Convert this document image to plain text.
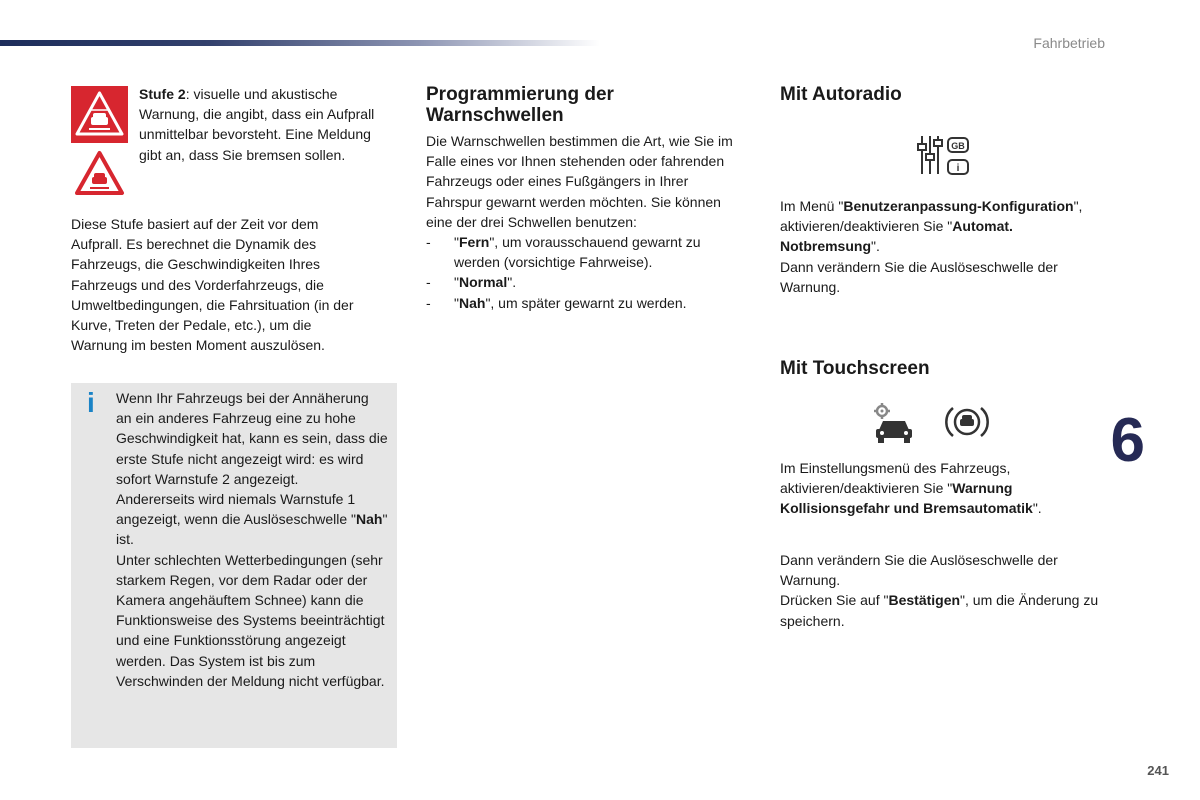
Fahrbetrieb
6
241
Stufe 2: visuelle und akustische Warnung, die angibt, dass ein Aufprall unmittelbar bevorsteht. Eine Meldung gibt an, dass Sie bremsen sollen.
Diese Stufe basiert auf der Zeit vor dem Aufprall. Es berechnet die Dynamik des Fahrzeugs, die Geschwindigkeiten Ihres Fahrzeugs und des Vorderfahrzeugs, die Umweltbedingungen, die Fahrsituation (in der Kurve, Treten der Pedale, etc.), um die Warnung im besten Moment auszulösen.
i Wenn Ihr Fahrzeugs bei der Annäherung an ein anderes Fahrzeug eine zu hohe Geschwindigkeit hat, kann es sein, dass die erste Stufe nicht angezeigt wird: es wird sofort Warnstufe 2 angezeigt.
Andererseits wird niemals Warnstufe 1 angezeigt, wenn die Auslöseschwelle "Nah" ist.
Unter schlechten Wetterbedingungen (sehr starkem Regen, vor dem Radar oder der Kamera angehäuftem Schnee) kann die Funktionsweise des Systems beeinträchtigt und eine Funktionsstörung angezeigt werden. Das System ist bis zum Verschwinden der Meldung nicht verfügbar.
Programmierung der Warnschwellen
Die Warnschwellen bestimmen die Art, wie Sie im Falle eines vor Ihnen stehenden oder fahrenden Fahrzeugs oder eines Fußgängers in Ihrer Fahrspur gewarnt werden möchten. Sie können eine der drei Schwellen benutzen:
- "Fern", um vorausschauend gewarnt zu werden (vorsichtige Fahrweise).
- "Normal".
- "Nah", um später gewarnt zu werden.
Mit Autoradio
GB
i
Im Menü "Benutzeranpassung-Konfiguration", aktivieren/deaktivieren Sie "Automat. Notbremsung".
Dann verändern Sie die Auslöseschwelle der Warnung.
Mit Touchscreen
Im Einstellungsmenü des Fahrzeugs, aktivieren/deaktivieren Sie "Warnung Kollisionsgefahr und Bremsautomatik".
Dann verändern Sie die Auslöseschwelle der Warnung.
Drücken Sie auf "Bestätigen", um die Änderung zu speichern.
